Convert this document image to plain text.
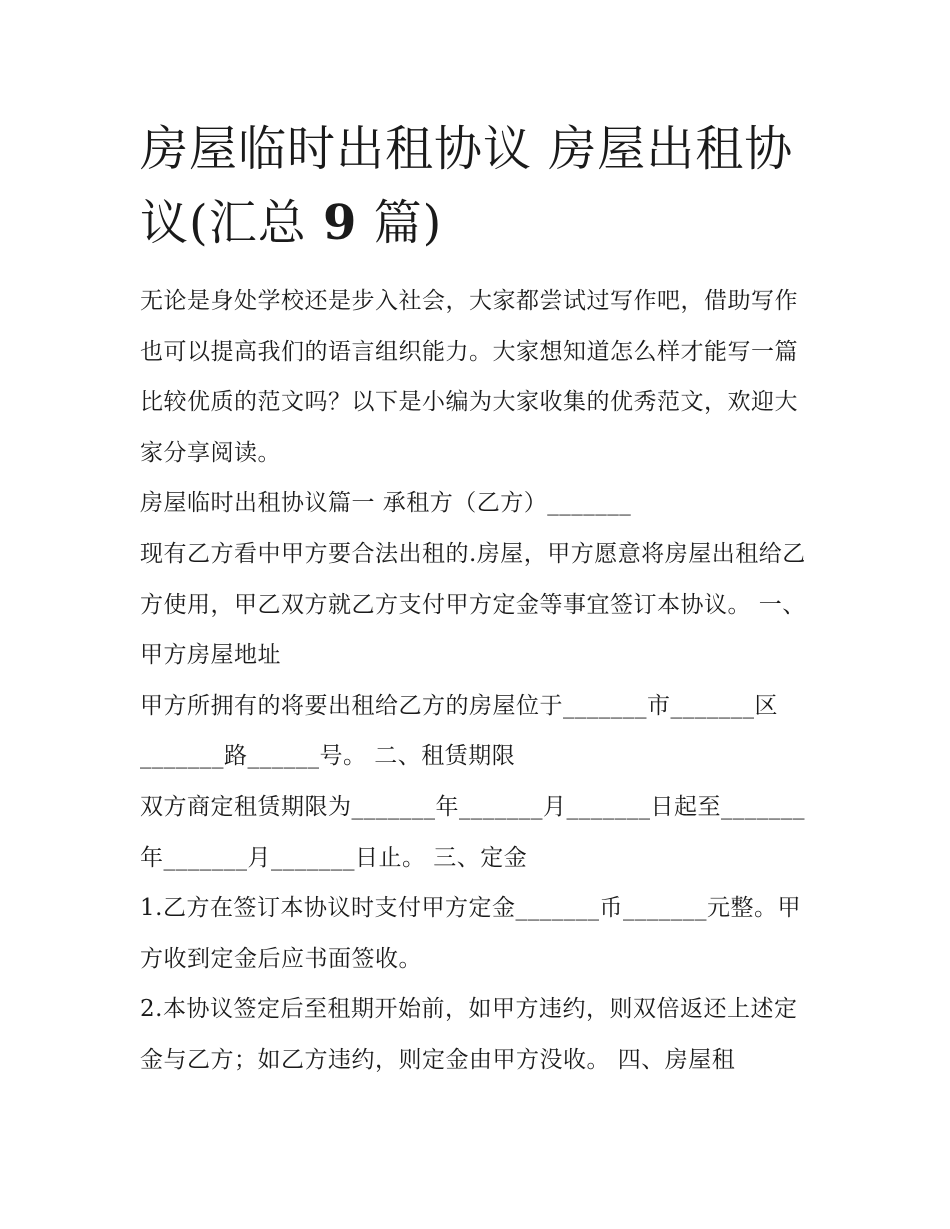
房屋临时出租协议 房屋出租协
议(汇总 9 篇)

无论是身处学校还是步入社会，大家都尝试过写作吧，借助写作也可以提高我们的语言组织能力。大家想知道怎么样才能写一篇比较优质的范文吗？以下是小编为大家收集的优秀范文，欢迎大家分享阅读。

房屋临时出租协议篇一 承租方（乙方）_______

现有乙方看中甲方要合法出租的.房屋，甲方愿意将房屋出租给乙方使用，甲乙双方就乙方支付甲方定金等事宜签订本协议。 一、甲方房屋地址

甲方所拥有的将要出租给乙方的房屋位于_______市_______区_______路______号。 二、租赁期限

双方商定租赁期限为_______年_______月_______日起至_______年_______月_______日止。 三、定金

1.乙方在签订本协议时支付甲方定金_______币_______元整。甲方收到定金后应书面签收。

2.本协议签定后至租期开始前，如甲方违约，则双倍返还上述定金与乙方；如乙方违约，则定金由甲方没收。 四、房屋租
